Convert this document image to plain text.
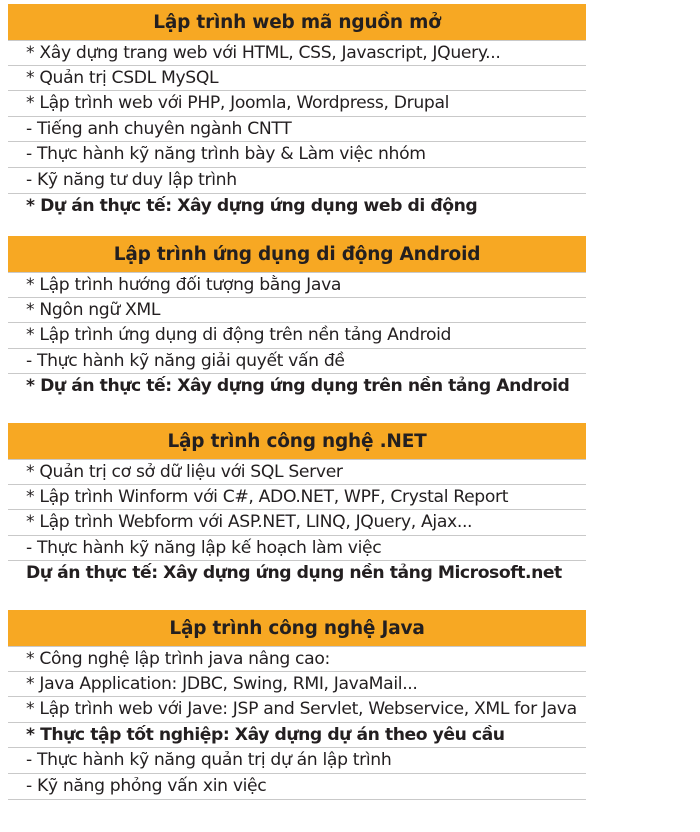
Lập trình web mã nguồn mở
* Xây dựng trang web với HTML, CSS, Javascript, JQuery...
* Quản trị CSDL MySQL
* Lập trình web với PHP, Joomla, Wordpress, Drupal
- Tiếng anh chuyên ngành CNTT
- Thực hành kỹ năng trình bày & Làm việc nhóm
- Kỹ năng tư duy lập trình
* Dự án thực tế: Xây dựng ứng dụng web di động
Lập trình ứng dụng di động Android
* Lập trình hướng đối tượng bằng Java
* Ngôn ngữ XML
* Lập trình ứng dụng di động trên nền tảng Android
- Thực hành kỹ năng giải quyết vấn đề
* Dự án thực tế: Xây dựng ứng dụng trên nền tảng Android
Lập trình công nghệ .NET
* Quản trị cơ sở dữ liệu với SQL Server
* Lập trình Winform với C#, ADO.NET, WPF, Crystal Report
* Lập trình Webform với ASP.NET, LINQ, JQuery, Ajax...
- Thực hành kỹ năng lập kế hoạch làm việc
Dự án thực tế: Xây dựng ứng dụng nền tảng Microsoft.net
Lập trình công nghệ Java
* Công nghệ lập trình java nâng cao:
* Java Application: JDBC, Swing, RMI, JavaMail...
* Lập trình web với Jave: JSP and Servlet, Webservice, XML for Java
* Thực tập tốt nghiệp: Xây dựng dự án theo yêu cầu
- Thực hành kỹ năng quản trị dự án lập trình
- Kỹ năng phỏng vấn xin việc
